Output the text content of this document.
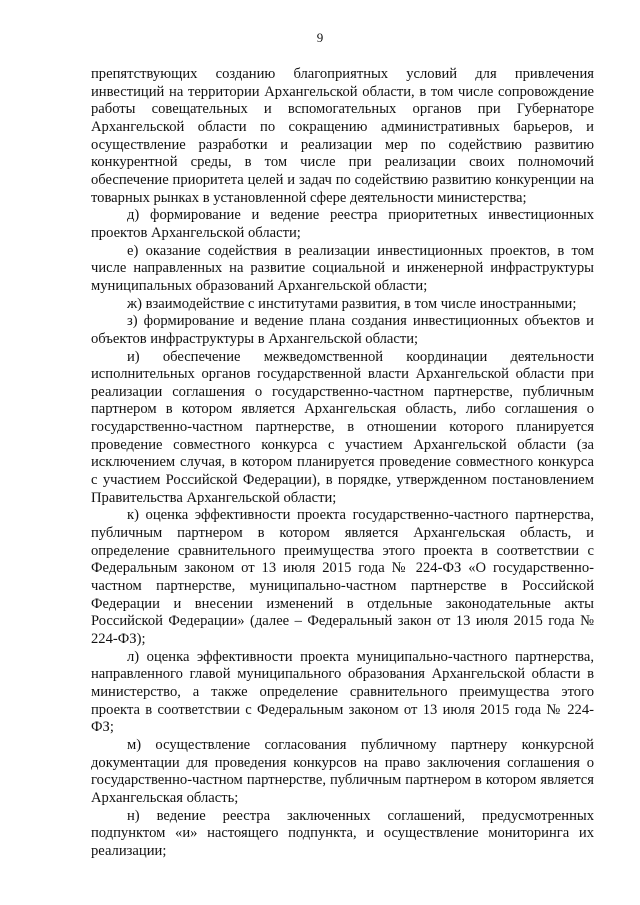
9

препятствующих созданию благоприятных условий для привлечения инвестиций на территории Архангельской области, в том числе сопровождение работы совещательных и вспомогательных органов при Губернаторе Архангельской области по сокращению административных барьеров, и осуществление разработки и реализации мер по содействию развитию конкурентной среды, в том числе при реализации своих полномочий обеспечение приоритета целей и задач по содействию развитию конкуренции на товарных рынках в установленной сфере деятельности министерства;

д) формирование и ведение реестра приоритетных инвестиционных проектов Архангельской области;

е) оказание содействия в реализации инвестиционных проектов, в том числе направленных на развитие социальной и инженерной инфраструктуры муниципальных образований Архангельской области;

ж) взаимодействие с институтами развития, в том числе иностранными;

з) формирование и ведение плана создания инвестиционных объектов и объектов инфраструктуры в Архангельской области;

и) обеспечение межведомственной координации деятельности исполнительных органов государственной власти Архангельской области при реализации соглашения о государственно-частном партнерстве, публичным партнером в котором является Архангельская область, либо соглашения о государственно-частном партнерстве, в отношении которого планируется проведение совместного конкурса с участием Архангельской области (за исключением случая, в котором планируется проведение совместного конкурса с участием Российской Федерации), в порядке, утвержденном постановлением Правительства Архангельской области;

к) оценка эффективности проекта государственно-частного партнерства, публичным партнером в котором является Архангельская область, и определение сравнительного преимущества этого проекта в соответствии с Федеральным законом от 13 июля 2015 года № 224-ФЗ «О государственно-частном партнерстве, муниципально-частном партнерстве в Российской Федерации и внесении изменений в отдельные законодательные акты Российской Федерации» (далее – Федеральный закон от 13 июля 2015 года № 224-ФЗ);

л) оценка эффективности проекта муниципально-частного партнерства, направленного главой муниципального образования Архангельской области в министерство, а также определение сравнительного преимущества этого проекта в соответствии с Федеральным законом от 13 июля 2015 года № 224-ФЗ;

м) осуществление согласования публичному партнеру конкурсной документации для проведения конкурсов на право заключения соглашения о государственно-частном партнерстве, публичным партнером в котором является Архангельская область;

н) ведение реестра заключенных соглашений, предусмотренных подпунктом «и» настоящего подпункта, и осуществление мониторинга их реализации;
